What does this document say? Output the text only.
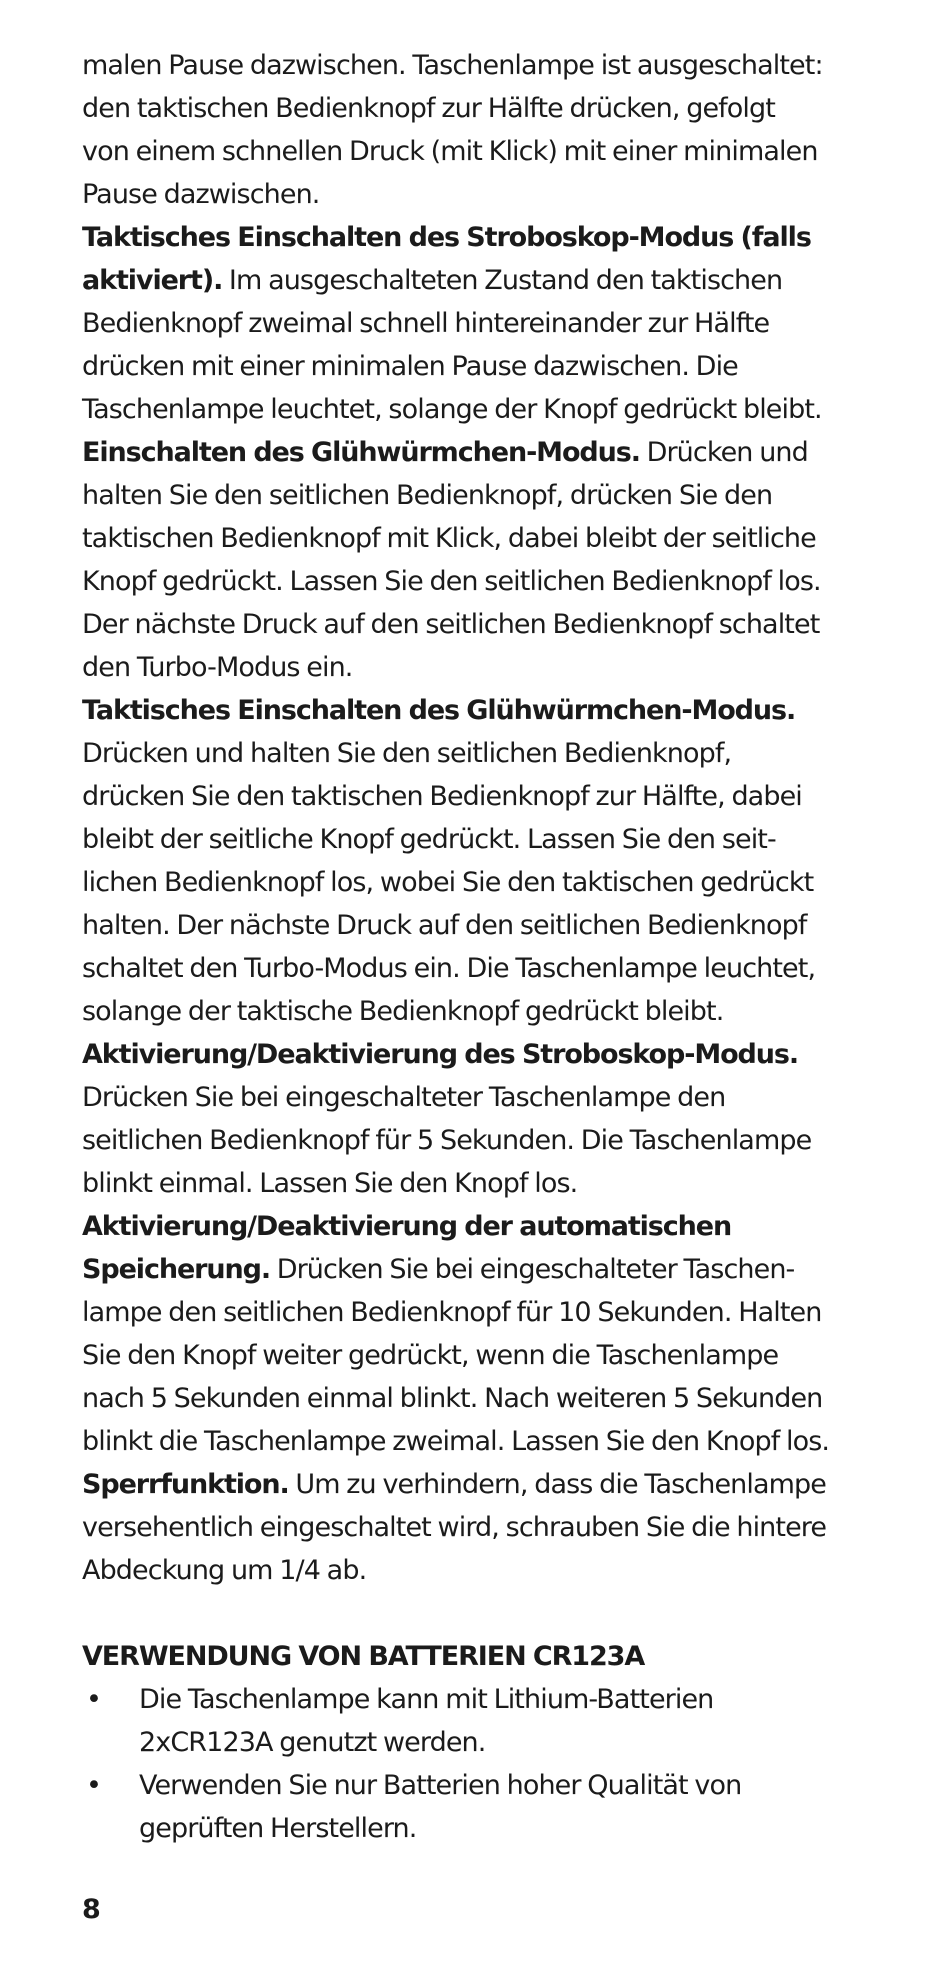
malen Pause dazwischen. Taschenlampe ist ausgeschaltet:
den taktischen Bedienknopf zur Hälfte drücken, gefolgt
von einem schnellen Druck (mit Klick) mit einer minimalen
Pause dazwischen.

Taktisches Einschalten des Stroboskop-Modus (falls
aktiviert). Im ausgeschalteten Zustand den taktischen
Bedienknopf zweimal schnell hintereinander zur Hälfte
drücken mit einer minimalen Pause dazwischen. Die
Taschenlampe leuchtet, solange der Knopf gedrückt bleibt.

Einschalten des Glühwürmchen-Modus. Drücken und
halten Sie den seitlichen Bedienknopf, drücken Sie den
taktischen Bedienknopf mit Klick, dabei bleibt der seitliche
Knopf gedrückt. Lassen Sie den seitlichen Bedienknopf los.
Der nächste Druck auf den seitlichen Bedienknopf schaltet
den Turbo-Modus ein.

Taktisches Einschalten des Glühwürmchen-Modus.
Drücken und halten Sie den seitlichen Bedienknopf,
drücken Sie den taktischen Bedienknopf zur Hälfte, dabei
bleibt der seitliche Knopf gedrückt. Lassen Sie den seit-
lichen Bedienknopf los, wobei Sie den taktischen gedrückt
halten. Der nächste Druck auf den seitlichen Bedienknopf
schaltet den Turbo-Modus ein. Die Taschenlampe leuchtet,
solange der taktische Bedienknopf gedrückt bleibt.

Aktivierung/Deaktivierung des Stroboskop-Modus.
Drücken Sie bei eingeschalteter Taschenlampe den
seitlichen Bedienknopf für 5 Sekunden. Die Taschenlampe
blinkt einmal. Lassen Sie den Knopf los.

Aktivierung/Deaktivierung der automatischen
Speicherung. Drücken Sie bei eingeschalteter Taschen-
lampe den seitlichen Bedienknopf für 10 Sekunden. Halten
Sie den Knopf weiter gedrückt, wenn die Taschenlampe
nach 5 Sekunden einmal blinkt. Nach weiteren 5 Sekunden
blinkt die Taschenlampe zweimal. Lassen Sie den Knopf los.

Sperrfunktion. Um zu verhindern, dass die Taschenlampe
versehentlich eingeschaltet wird, schrauben Sie die hintere
Abdeckung um 1/4 ab.

VERWENDUNG VON BATTERIEN CR123A

• Die Taschenlampe kann mit Lithium-Batterien
2xCR123A genutzt werden.
• Verwenden Sie nur Batterien hoher Qualität von
geprüften Herstellern.
8
